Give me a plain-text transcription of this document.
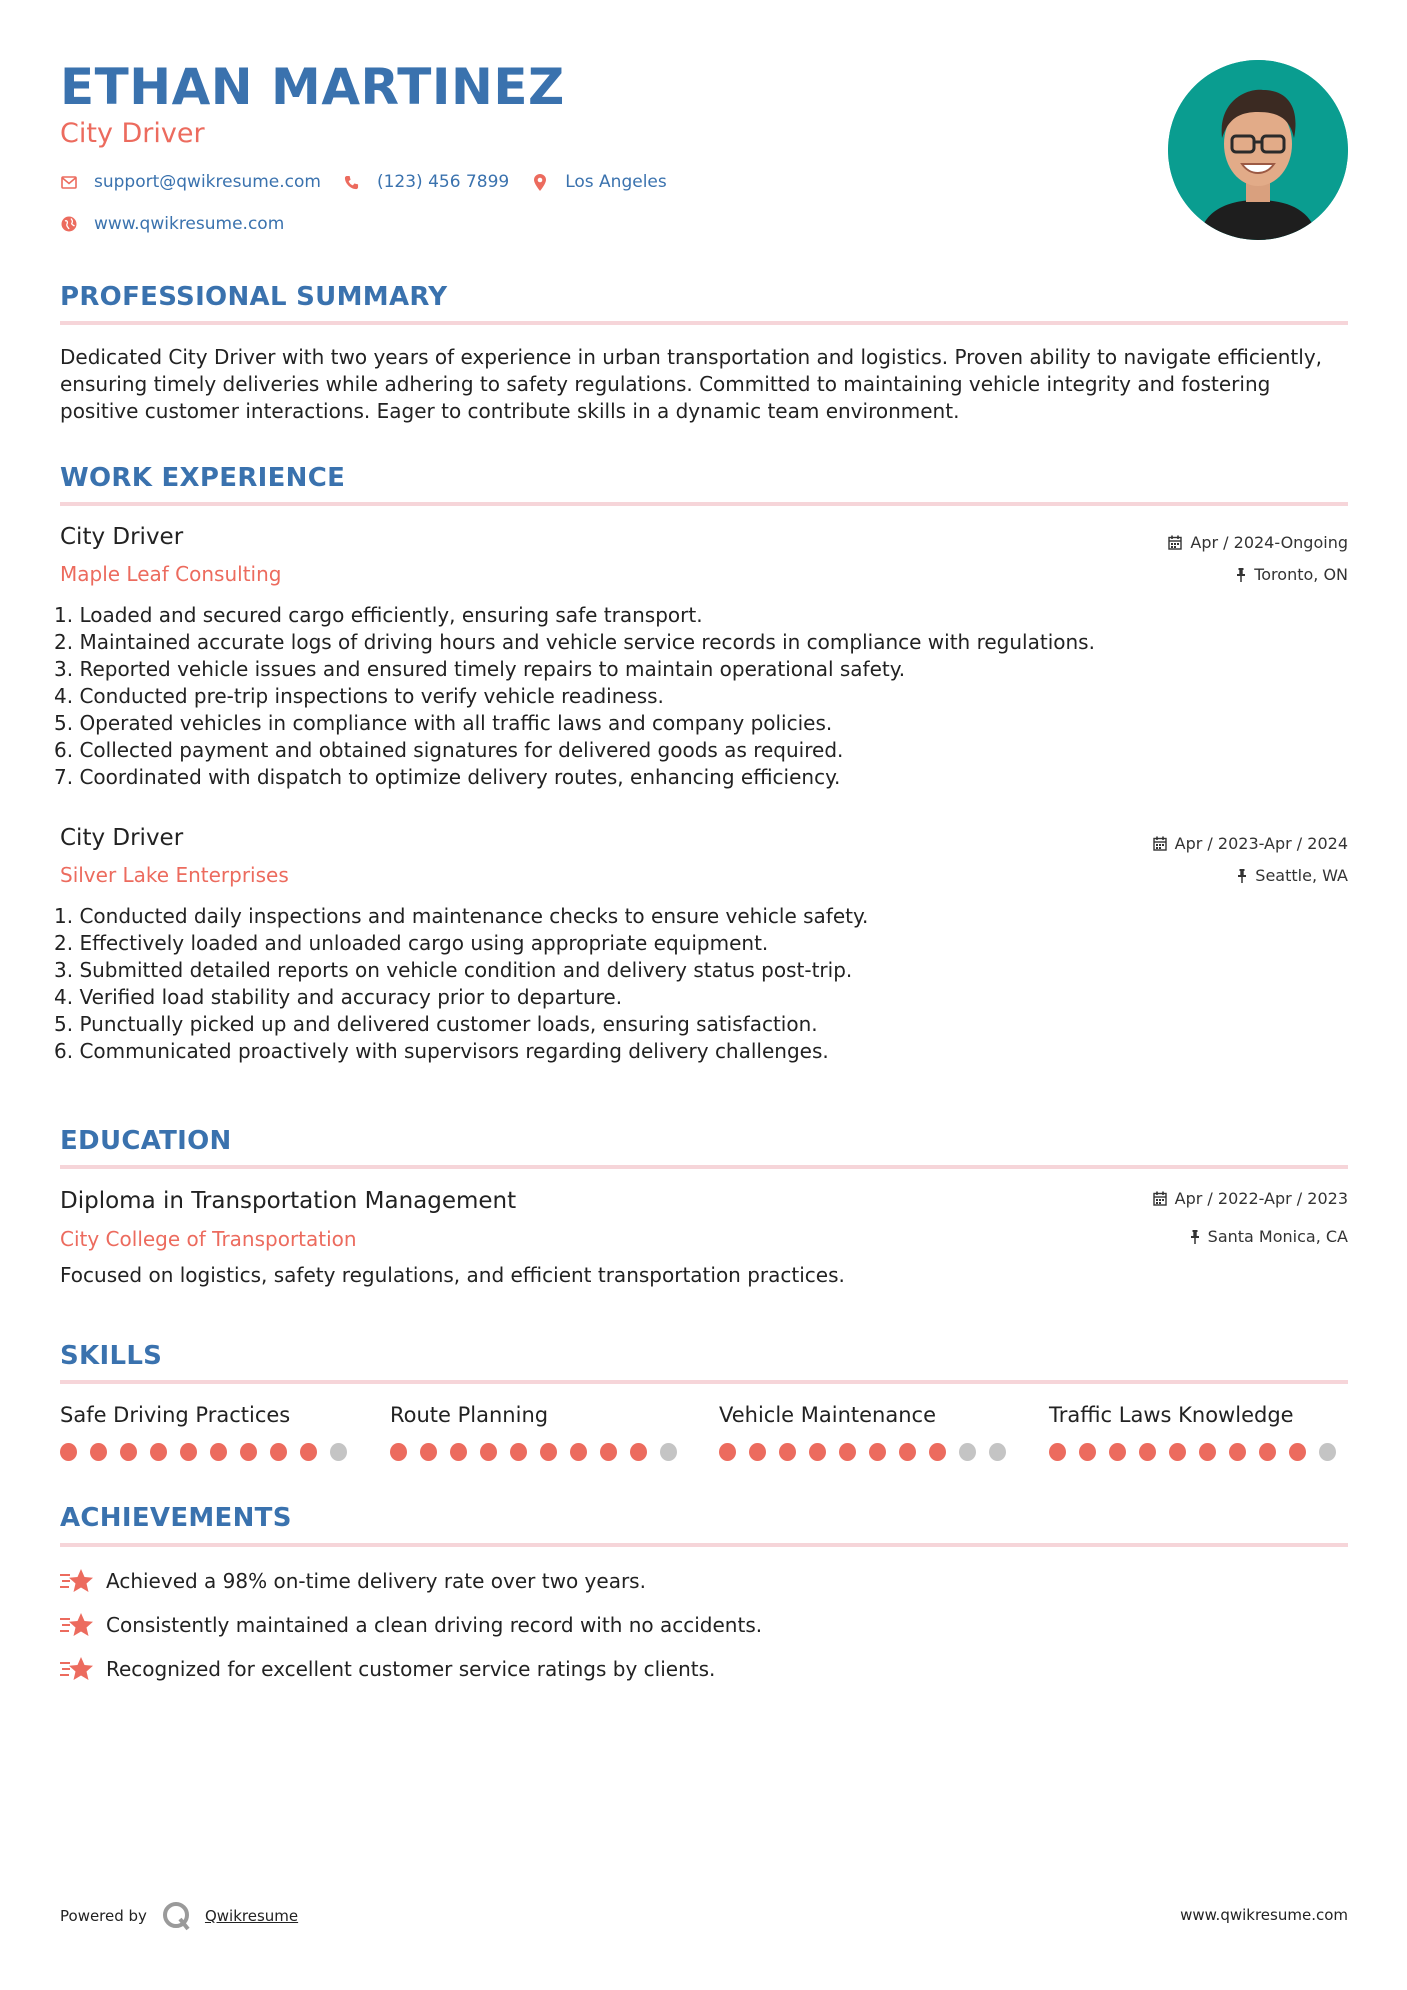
ETHAN MARTINEZ
City Driver
support@qwikresume.com	(123) 456 7899	Los Angeles
www.qwikresume.com
PROFESSIONAL SUMMARY
Dedicated City Driver with two years of experience in urban transportation and logistics. Proven ability to navigate efficiently, ensuring timely deliveries while adhering to safety regulations. Committed to maintaining vehicle integrity and fostering positive customer interactions. Eager to contribute skills in a dynamic team environment.
WORK EXPERIENCE
City Driver
Maple Leaf Consulting
Apr / 2024-Ongoing
Toronto, ON
1. Loaded and secured cargo efficiently, ensuring safe transport.
2. Maintained accurate logs of driving hours and vehicle service records in compliance with regulations.
3. Reported vehicle issues and ensured timely repairs to maintain operational safety.
4. Conducted pre-trip inspections to verify vehicle readiness.
5. Operated vehicles in compliance with all traffic laws and company policies.
6. Collected payment and obtained signatures for delivered goods as required.
7. Coordinated with dispatch to optimize delivery routes, enhancing efficiency.
City Driver
Silver Lake Enterprises
Apr / 2023-Apr / 2024
Seattle, WA
1. Conducted daily inspections and maintenance checks to ensure vehicle safety.
2. Effectively loaded and unloaded cargo using appropriate equipment.
3. Submitted detailed reports on vehicle condition and delivery status post-trip.
4. Verified load stability and accuracy prior to departure.
5. Punctually picked up and delivered customer loads, ensuring satisfaction.
6. Communicated proactively with supervisors regarding delivery challenges.
EDUCATION
Diploma in Transportation Management
City College of Transportation
Apr / 2022-Apr / 2023
Santa Monica, CA
Focused on logistics, safety regulations, and efficient transportation practices.
SKILLS
Safe Driving Practices	Route Planning	Vehicle Maintenance	Traffic Laws Knowledge
ACHIEVEMENTS
Achieved a 98% on-time delivery rate over two years.
Consistently maintained a clean driving record with no accidents.
Recognized for excellent customer service ratings by clients.
Powered by	Qwikresume	www.qwikresume.com
